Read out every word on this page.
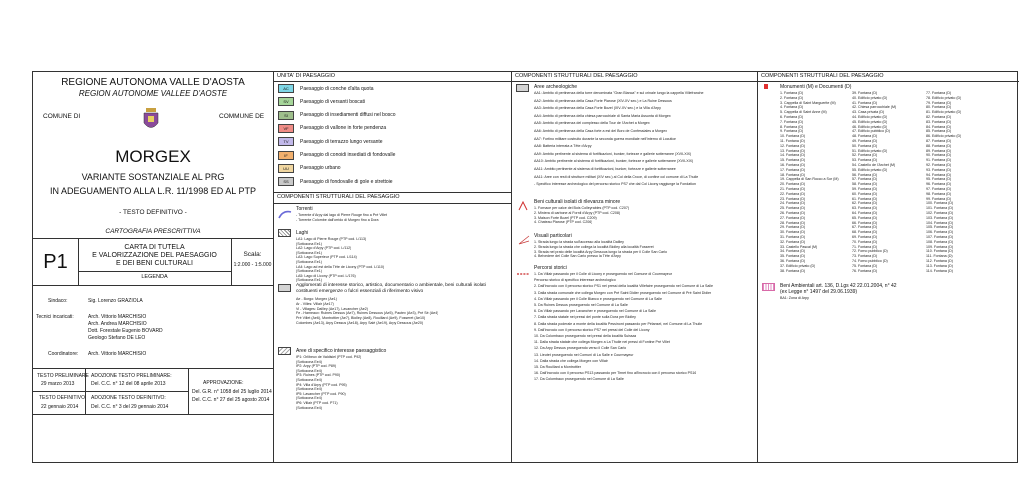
REGIONE AUTONOMA VALLE D'AOSTA
REGION AUTONOME VALLEE D'AOSTE
COMUNE DI	COMMUNE DE
MORGEX
VARIANTE SOSTANZIALE AL PRG
IN ADEGUAMENTO ALLA L.R. 11/1998 ED AL PTP
- TESTO DEFINITIVO -
CARTOGRAFIA PRESCRITTIVA
P1
CARTA DI TUTELA
E VALORIZZAZIONE DEL PAESAGGIO
E DEI BENI CULTURALI
LEGENDA
Scala:
1:2.000 - 1:5.000
Sindaco:	Sig. Lorenzo GRAZIOLA
Tecnici incaricati:	Arch. Vittorio MARCHISIO
Arch. Andrea MARCHISIO
Dott. Forestale Eugenio BOVARD
Geologo Stefano DE LEO
Coordinatore: Arch. Vittorio MARCHISIO
TESTO PRELIMINARE
29 marzo 2013
ADOZIONE TESTO PRELIMINARE:
Del. C.C. n° 12 del 08 aprile 2013
TESTO DEFINITIVO
22 gennaio 2014
ADOZIONE TESTO DEFINITIVO:
Del. C.C. n° 3 del 29 gennaio 2014
APPROVAZIONE:
Del. G.R. n° 1058 del 25 luglio 2014
Del. C.C. n° 27 del 25 agosto 2014
UNITA' DI PAESAGGIO
AC	Paesaggio di conche d'alta quota
SV	Paesaggio di versanti boscati
SI	Paesaggio di insediamenti diffusi nel bosco
VF	Paesaggio di vallone in forte pendenza
TV	Paesaggio di terrazzo lungo versante
IF	Paesaggio di conoidi insediati di fondovalle
UU	Paesaggio urbano
SS	Paesaggio di fondovalle di gole e strettoie
COMPONENTI STRUTTURALI DEL PAESAGGIO
Torrenti
- Torrente d'Arpy dal lago di Pierre Rouge fino a Pré Villet
- Torrente Colombe dall'orrido di Morgex fino a Dora
Laghi
LA1: Lago di Pierre Rouge (PTP cod. L/113)
(Sottozona Ee1)
LA2: Lago d'Arpy (PTP cod. L/112)
(Sottozona Ee1)
LA3: Lago Superieur (PTP cod. L/114)
(Sottozona Ee1)
LA4: Lago ad est della Tête de Licony (PTP cod. L/110)
(Sottozona Ee1)
LA5: Lago di Licony (PTP cod. L/176)
(Sottozona Ee1)
Agglomerati di interesse storico, artistico, documentario o ambientale, beni culturali isolati costituenti emergenze o fulcri essenziali di riferimento visivo
Ae - Borgo: Morgex (Ae1)
Ar - Villes: Villair (Ae17)
Vi - Villages: Dailley (Ae17), Lavancher (Ae2)
Fe - Hameaux: Ruines Dessus (Ae7), Ruines Dessous (Ae5), Pautex (Ae3), Pré Sé (Ae4)
Pré Villet (Ae6), Montrottier (Ae7), Biolley (Ae8), Rouillard (Ae9), Fosseret (Ae10)
Colombes (Ae13), Arpy Dessus (Ae18), Arpy Salé (Ae19), Arpy Dessous (Ae20)
Aree di specifico interesse paesaggistico
IP1: Orlibeux de Valdisiel (PTP cod. P92)
(Sottozona Ee4)
IP2: Arpy (PTP cod. P89)
(Sottozona Ee4)
IP3: Ruines (PTP cod. P90)
(Sottozona Ee4)
IP4: Villa d'Arpy (PTP cod. P95)
(Sottozona Ee4)
IP5: Lavancher (PTP cod. P90)
(Sottozona Ee4)
IP6: Villair (PTP cod. P71)
(Sottozona Ee4)
COMPONENTI STRUTTURALI DEL PAESAGGIO
Aree archeologiche
AA1: Ambito di pertinenza della torre denominata "Gran Bianca" e sul crinale lungo la cappella Villefranche
AA2: Ambito di pertinenza della Casa Forte Plarose (XIV-XV sec.) e La Ruine Dessous
AA3: Ambito di pertinenza della Casa Forte Bozel (XIV-XV sec.) e la Villa d'Arpy
AA4: Ambito di pertinenza della chiesa parrocchiale di Santa Maria Assunta di Morgex
AA5: Ambito di pertinenza del complesso della Tour de l'Archet a Morgex
AA6: Ambito di pertinenza della Casa forte a est del Borc de Confessiales a Morgex
AA7: Fortino militare costruito durante la seconda guerra mondiale nell'interno di Locution
AA8: Batteria interrata a Tête d'Arpy
AA9: Ambito pertinente al sistema di fortificazioni, bunker, fortezze e gallerie sotterranee (XVII-XIX)
AA10: Ambito pertinente al sistema di fortificazioni, bunker, fortezze e gallerie sotterranee (XVII-XIX)
AA11: Ambito pertinente al sistema di fortificazioni, bunker, fortezze e gallerie sotterranee
AA11: Aree con resti di strutture militari (XIV sec.) al Col della Croce, di confine col comune di La Thuile
- Specifico interesse archeologico del percorso storico PS7 che dal Col Licony raggiunge la Fondation
Beni culturali isolati di rilevanza minore
1. Fornace per calce dei Bois Colleyrables (PTP cod. C207)
2. Miniera di carbone al Fornil d'Arpy (PTP cod. C208)
3. Maison Forte Bozel (PTP cod. C209)
4. Chateau Plarose (PTP cod. C206)
Visuali particolari
1. Strada lungo la strada sull'accesso alla località Dailley
2. Strada lungo la strada che collega la località Biolley alla località Fosseret
3. Strada nel prato delle località Arpy Dessous lungo la strada per il Colle San Carlo
4. Belvedere del Colle San Carlo presso la Tête d'Arpy
Percorsi storici
1. Da Villair passando per il Colle di Licony e proseguendo nel Comune di Courmayeur
Percorso storico di specifico interesse archeologico
2. Dall'incrocio con il percorso storico PS1 nei pressi della località Villefaire proseguendo nel Comune di La Salle
3. Dalla strada comunale che collega Morgex con Pré Saint Didier proseguendo nel Comune di Pré Saint Didier
4. Da Villair passando per il Colle Bianco e proseguendo nel Comune di La Salle
5. Da Ruines Dessus proseguendo nel Comune di La Salle
6. Da Villair passando per Lavancher e proseguendo nel Comune di La Salle
7. Dalla strada statale nei pressi del ponte sulla Dora per Biolley
8. Dalla strada poderale a monte della località Pessinont passando per Pélansel, nel Comune di La Thuile
9. Dall'incrocio con il percorso storico PS7 nei pressi del Colle del Licony
10. Da Colombaux proseguendo nei pressi della località Suissaz
11. Dalla strada statale che collega Morgex a La Thuile nei pressi di Fontine Pré Villet
12. Da Arpy Dessus proseguendo verso il Colle San Carlo
13. Lieutet proseguendo nei Comuni di La Salle e Courmayeur
14. Dalla strada che collega Morgex con Villair
15. Da Rouillard a Montrottier
16. Dall'incrocio con il percorso PS13 passando per Tirnet fino all'incrocio con il percorso storico PS16
17. Da Colombaux proseguendo nel Comune di La Salle
COMPONENTI STRUTTURALI DEL PAESAGGIO
Monumenti (M) e Documenti (D)
1. Fontana (D)
2. Fontana (D)
3. Cappella di Saint Marguerite (M)
4. Fontana (D)
5. Cappella di Saint Anne (M)
6. Fontana (D)
7. Fontana (D)
8. Fontana (D)
9. Fontana (D)
10. Fontana (D)
11. Fontana (D)
12. Fontana (D)
13. Fontana (D)
14. Fontana (D)
15. Fontana (D)
16. Fontana (D)
17. Fontana (D)
18. Fontana (D)
19. Cappella di San Rocco a Sor (M)
20. Fontana (D)
21. Fontana (D)
22. Fontana (D)
23. Fontana (D)
24. Fontana (D)
25. Fontana (D)
26. Fontana (D)
27. Fontana (D)
28. Fontana (D)
29. Fontana (D)
30. Fontana (D)
31. Fontana (D)
32. Fontana (D)
33. Castello Pascal (M)
34. Fontana (D)
35. Fontana (D)
36. Fontana (D)
37. Edificio privato (D)
38. Fontana (D)
39. Fontana (D)
40. Edificio privato (D)
41. Fontana (D)
42. Chiesa parrocchiale (M)
43. Casa privata (D)
44. Edificio privato (D)
45. Edificio privato (D)
46. Edificio privato (D)
47. Edificio pubblico (D)
48. Fontana (D)
49. Fontana (D)
50. Fontana (D)
51. Edificio privato (D)
52. Fontana (D)
53. Fontana (D)
54. Castello de l'Archet (M)
55. Edificio privato (D)
56. Fontana (D)
57. Fontana (D)
58. Fontana (D)
59. Fontana (D)
60. Fontana (D)
61. Fontana (D)
62. Fontana (D)
63. Fontana (D)
64. Fontana (D)
65. Fontana (D)
66. Fontana (D)
67. Fontana (D)
68. Fontana (D)
69. Fontana (D)
70. Fontana (D)
71. Fontana (D)
72. Forno pubblico (D)
73. Fontana (D)
74. Forno pubblico (D)
75. Fontana (D)
76. Fontana (D)
77. Fontana (D)
78. Edificio privato (D)
79. Fontana (D)
80. Fontana (D)
81. Edificio privato (D)
82. Fontana (D)
83. Fontana (D)
84. Fontana (D)
85. Fontana (D)
86. Edificio privato (D)
87. Fontana (D)
88. Fontana (D)
89. Fontana (D)
90. Fontana (D)
91. Fontana (D)
92. Fontana (D)
93. Fontana (D)
94. Fontana (D)
95. Fontana (D)
96. Fontana (D)
97. Fontana (D)
98. Fontana (D)
99. Fontana (D)
100. Fontana (D)
101. Fontana (D)
102. Fontana (D)
103. Fontana (D)
104. Fontana (D)
105. Fontana (D)
106. Fontana (D)
107. Fontana (D)
108. Fontana (D)
109. Fontana (D)
110. Fontana (D)
111. Fontana (D)
112. Fontana (D)
113. Fontana (D)
114. Fontana (D)
Beni Ambientali art. 136, D.Lgs 42 22.01.2004, n° 42
(ex Legge n° 1497 del 29.06.1939)
BA1: Zona di Arpy
